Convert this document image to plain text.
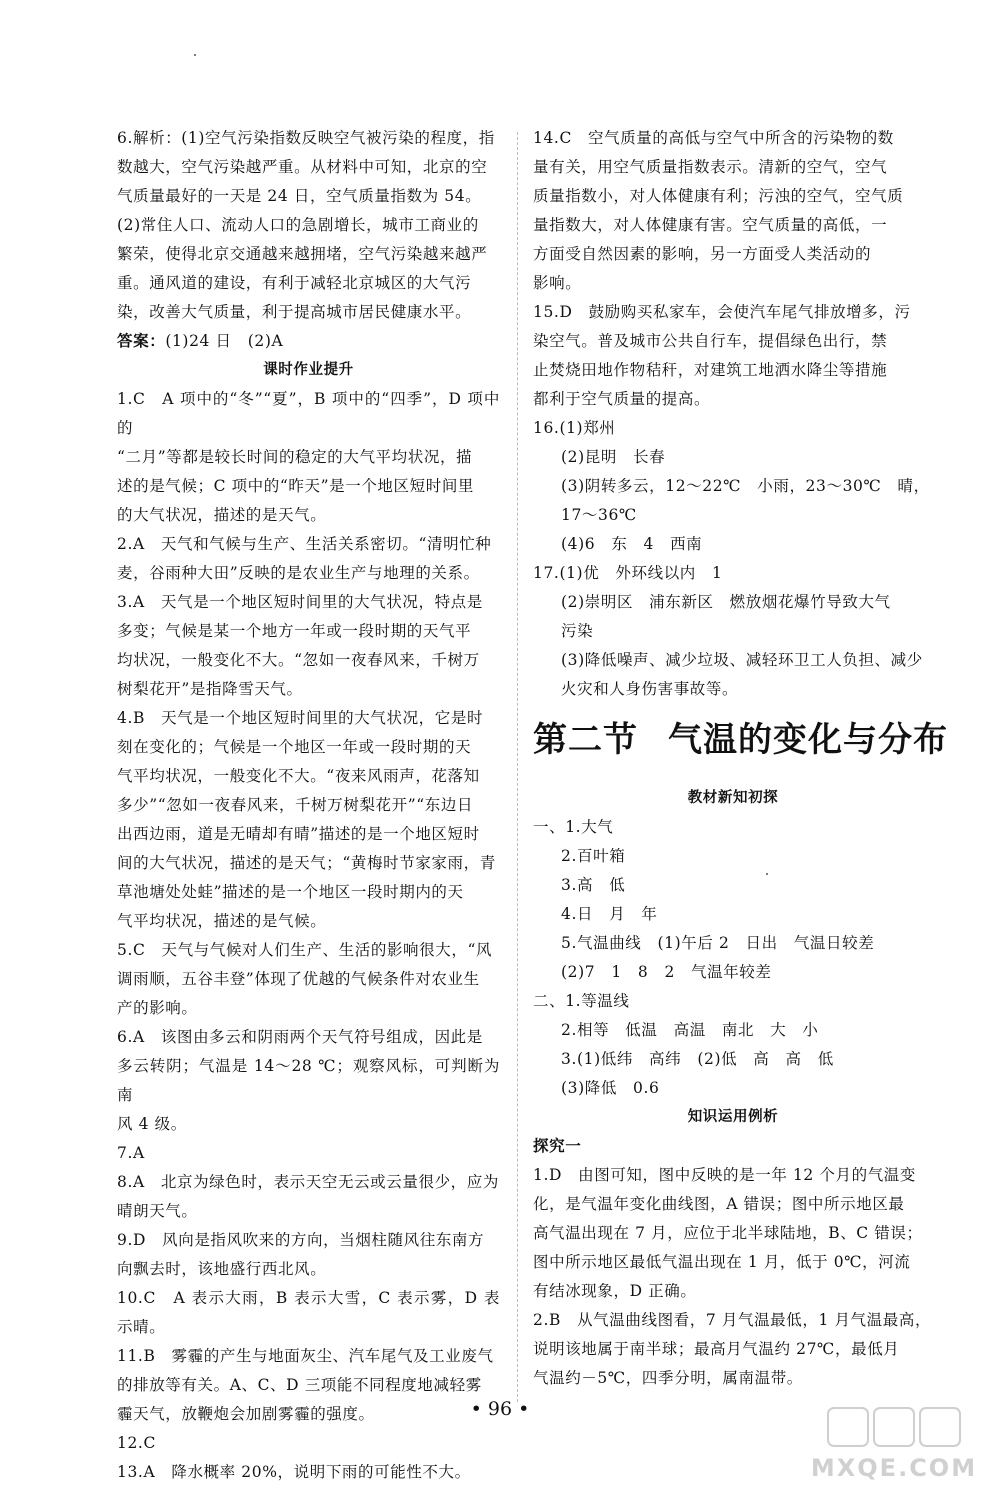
6.解析：(1)空气污染指数反映空气被污染的程度，指

数越大，空气污染越严重。从材料中可知，北京的空

气质量最好的一天是 24 日，空气质量指数为 54。

(2)常住人口、流动人口的急剧增长，城市工商业的

繁荣，使得北京交通越来越拥堵，空气污染越来越严

重。通风道的建设，有利于减轻北京城区的大气污

染，改善大气质量，利于提高城市居民健康水平。

答案：(1)24 日　(2)A

课时作业提升

1.C　A 项中的“冬”“夏”，B 项中的“四季”，D 项中的

“二月”等都是较长时间的稳定的大气平均状况，描

述的是气候；C 项中的“昨天”是一个地区短时间里

的大气状况，描述的是天气。

2.A　天气和气候与生产、生活关系密切。“清明忙种

麦，谷雨种大田”反映的是农业生产与地理的关系。

3.A　天气是一个地区短时间里的大气状况，特点是

多变；气候是某一个地方一年或一段时期的天气平

均状况，一般变化不大。“忽如一夜春风来，千树万

树梨花开”是指降雪天气。

4.B　天气是一个地区短时间里的大气状况，它是时

刻在变化的；气候是一个地区一年或一段时期的天

气平均状况，一般变化不大。“夜来风雨声，花落知

多少”“忽如一夜春风来，千树万树梨花开”“东边日

出西边雨，道是无晴却有晴”描述的是一个地区短时

间的大气状况，描述的是天气；“黄梅时节家家雨，青

草池塘处处蛙”描述的是一个地区一段时期内的天

气平均状况，描述的是气候。

5.C　天气与气候对人们生产、生活的影响很大，“风

调雨顺，五谷丰登”体现了优越的气候条件对农业生

产的影响。

6.A　该图由多云和阴雨两个天气符号组成，因此是

多云转阴；气温是 14～28 ℃；观察风标，可判断为南

风 4 级。

7.A

8.A　北京为绿色时，表示天空无云或云量很少，应为

晴朗天气。

9.D　风向是指风吹来的方向，当烟柱随风往东南方

向飘去时，该地盛行西北风。

10.C　A 表示大雨，B 表示大雪，C 表示雾，D 表示晴。

11.B　雾霾的产生与地面灰尘、汽车尾气及工业废气

的排放等有关。A、C、D 三项能不同程度地减轻雾

霾天气，放鞭炮会加剧雾霾的强度。

12.C

13.A　降水概率 20%，说明下雨的可能性不大。

14.C　空气质量的高低与空气中所含的污染物的数

量有关，用空气质量指数表示。清新的空气，空气

质量指数小，对人体健康有利；污浊的空气，空气质

量指数大，对人体健康有害。空气质量的高低，一

方面受自然因素的影响，另一方面受人类活动的

影响。

15.D　鼓励购买私家车，会使汽车尾气排放增多，污

染空气。普及城市公共自行车，提倡绿色出行，禁

止焚烧田地作物秸秆，对建筑工地洒水降尘等措施

都利于空气质量的提高。

16.(1)郑州

(2)昆明　长春

(3)阴转多云，12～22℃　小雨，23～30℃　晴，

17～36℃

(4)6　东　4　西南

17.(1)优　外环线以内　1

(2)崇明区　浦东新区　燃放烟花爆竹导致大气

污染

(3)降低噪声、减少垃圾、减轻环卫工人负担、减少

火灾和人身伤害事故等。

第二节 气温的变化与分布

教材新知初探

一、1.大气

2.百叶箱

3.高　低

4.日　月　年

5.气温曲线　(1)午后 2　日出　气温日较差

(2)7　1　8　2　气温年较差

二、1.等温线

2.相等　低温　高温　南北　大　小

3.(1)低纬　高纬　(2)低　高　高　低

(3)降低　0.6

知识运用例析

探究一

1.D　由图可知，图中反映的是一年 12 个月的气温变

化，是气温年变化曲线图，A 错误；图中所示地区最

高气温出现在 7 月，应位于北半球陆地，B、C 错误；

图中所示地区最低气温出现在 1 月，低于 0℃，河流

有结冰现象，D 正确。

2.B　从气温曲线图看，7 月气温最低，1 月气温最高，

说明该地属于南半球；最高月气温约 27℃，最低月

气温约－5℃，四季分明，属南温带。

• 96 •
MXQE.COM
